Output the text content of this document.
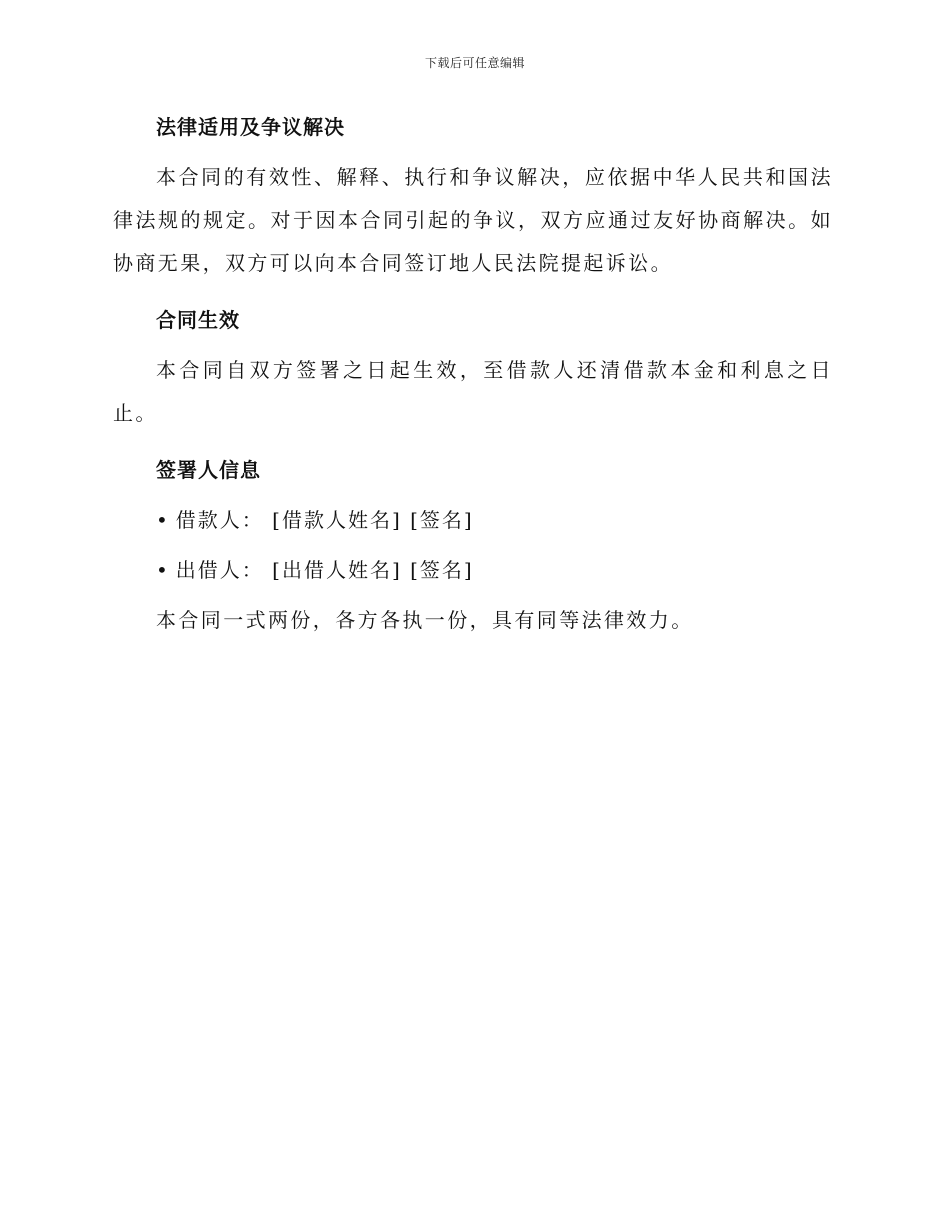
下载后可任意编辑
法律适用及争议解决

本合同的有效性、解释、执行和争议解决，应依据中华人民共和国法律法规的规定。对于因本合同引起的争议，双方应通过友好协商解决。如协商无果，双方可以向本合同签订地人民法院提起诉讼。

合同生效

本合同自双方签署之日起生效，至借款人还清借款本金和利息之日止。

签署人信息

• 借款人： [借款人姓名] [签名]

• 出借人： [出借人姓名] [签名]

本合同一式两份，各方各执一份，具有同等法律效力。
